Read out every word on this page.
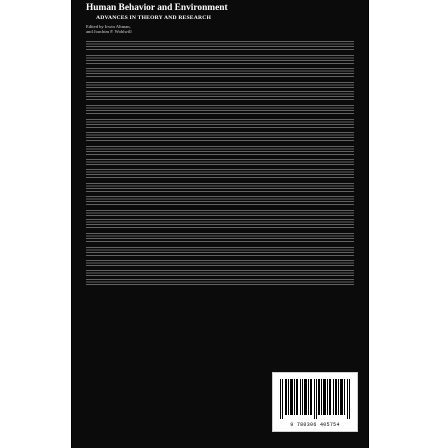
Human Behavior and Environment
ADVANCES IN THEORY AND RESEARCH
Edited by Irwin Altman,
and Joachim F. Wohlwill
9 780306 405754
